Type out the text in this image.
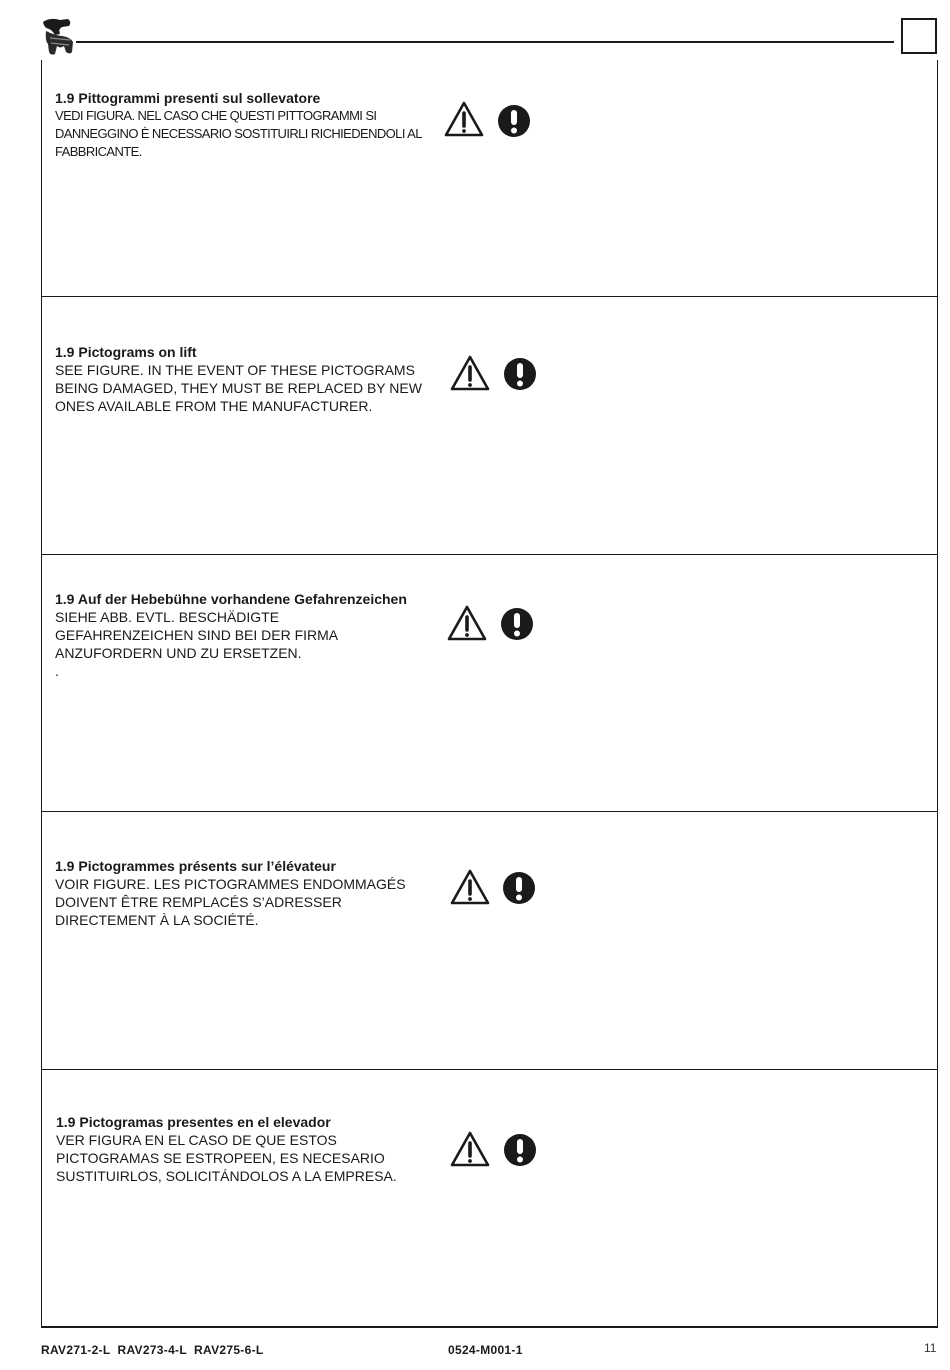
1.9 Pittogrammi presenti sul sollevatore
VEDI FIGURA. NEL CASO CHE QUESTI PITTOGRAMMI SI DANNEGGINO È NECESSARIO SOSTITUIRLI RICHIEDENDOLI AL FABBRICANTE.
1.9 Pictograms on lift
SEE FIGURE. IN THE EVENT OF THESE PICTOGRAMS BEING DAMAGED, THEY MUST BE REPLACED BY NEW ONES AVAILABLE FROM THE MANUFACTURER.
1.9 Auf der Hebebühne vorhandene Gefahrenzeichen
SIEHE ABB. EVTL. BESCHÄDIGTE GEFAHRENZEICHEN SIND BEI DER FIRMA ANZUFORDERN UND ZU ERSETZEN.
.
1.9 Pictogrammes présents sur l’élévateur
VOIR FIGURE. LES PICTOGRAMMES ENDOMMAGÉS DOIVENT ÊTRE REMPLACÉS S’ADRESSER DIRECTEMENT À LA SOCIÉTÉ.
1.9 Pictogramas presentes en el elevador
VER FIGURA EN EL CASO DE QUE ESTOS PICTOGRAMAS SE ESTROPEEN, ES NECESARIO SUSTITUIRLOS, SOLICITÁNDOLOS A LA EMPRESA.
RAV271-2-L  RAV273-4-L  RAV275-6-L	0524-M001-1	11
